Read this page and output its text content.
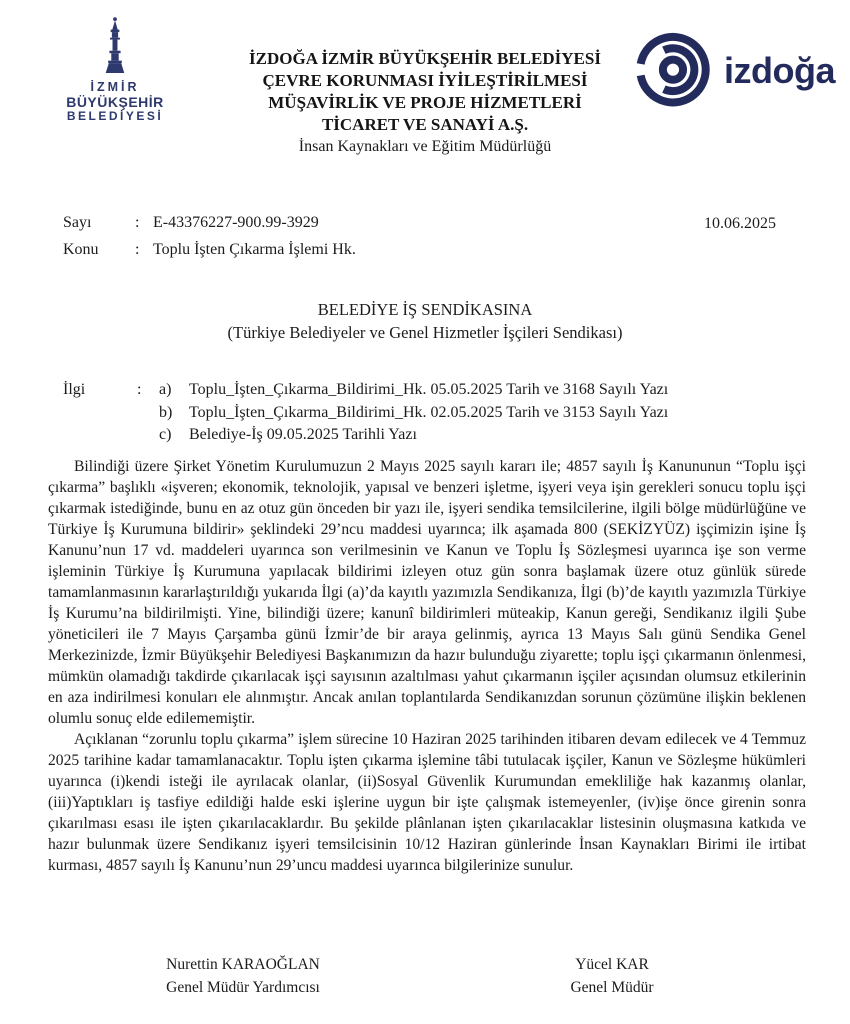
İZMİR
BÜYÜKŞEHİR
BELEDİYESİ
İZDOĞA İZMİR BÜYÜKŞEHİR BELEDİYESİ
ÇEVRE KORUNMASI İYİLEŞTİRİLMESİ
MÜŞAVİRLİK VE PROJE HİZMETLERİ
TİCARET VE SANAYİ A.Ş.
İnsan Kaynakları ve Eğitim Müdürlüğü
izdoğa
Sayı	: E-43376227-900.99-3929
Konu	: Toplu İşten Çıkarma İşlemi Hk.
10.06.2025
BELEDİYE İŞ SENDİKASINA
(Türkiye Belediyeler ve Genel Hizmetler İşçileri Sendikası)
İlgi	:	a)	Toplu_İşten_Çıkarma_Bildirimi_Hk. 05.05.2025 Tarih ve 3168 Sayılı Yazı
b)	Toplu_İşten_Çıkarma_Bildirimi_Hk. 02.05.2025 Tarih ve 3153 Sayılı Yazı
c)	Belediye-İş 09.05.2025 Tarihli Yazı

Bilindiği üzere Şirket Yönetim Kurulumuzun 2 Mayıs 2025 sayılı kararı ile; 4857 sayılı İş Kanununun “Toplu işçi çıkarma” başlıklı «işveren; ekonomik, teknolojik, yapısal ve benzeri işletme, işyeri veya işin gerekleri sonucu toplu işçi çıkarmak istediğinde, bunu en az otuz gün önceden bir yazı ile, işyeri sendika temsilcilerine, ilgili bölge müdürlüğüne ve Türkiye İş Kurumuna bildirir» şeklindeki 29’ncu maddesi uyarınca; ilk aşamada 800 (SEKİZYÜZ) işçimizin işine İş Kanunu’nun 17 vd. maddeleri uyarınca son verilmesinin ve Kanun ve Toplu İş Sözleşmesi uyarınca işe son verme işleminin Türkiye İş Kurumuna yapılacak bildirimi izleyen otuz gün sonra başlamak üzere otuz günlük sürede tamamlanmasının kararlaştırıldığı yukarıda İlgi (a)’da kayıtlı yazımızla Sendikanıza, İlgi (b)’de kayıtlı yazımızla Türkiye İş Kurumu’na bildirilmişti. Yine, bilindiği üzere; kanunî bildirimleri müteakip, Kanun gereği, Sendikanız ilgili Şube yöneticileri ile 7 Mayıs Çarşamba günü İzmir’de bir araya gelinmiş, ayrıca 13 Mayıs Salı günü Sendika Genel Merkezinizde, İzmir Büyükşehir Belediyesi Başkanımızın da hazır bulunduğu ziyarette; toplu işçi çıkarmanın önlenmesi, mümkün olamadığı takdirde çıkarılacak işçi sayısının azaltılması yahut çıkarmanın işçiler açısından olumsuz etkilerinin en aza indirilmesi konuları ele alınmıştır. Ancak anılan toplantılarda Sendikanızdan sorunun çözümüne ilişkin beklenen olumlu sonuç elde edilememiştir.

Açıklanan “zorunlu toplu çıkarma” işlem sürecine 10 Haziran 2025 tarihinden itibaren devam edilecek ve 4 Temmuz 2025 tarihine kadar tamamlanacaktır. Toplu işten çıkarma işlemine tâbi tutulacak işçiler, Kanun ve Sözleşme hükümleri uyarınca (i)kendi isteği ile ayrılacak olanlar, (ii)Sosyal Güvenlik Kurumundan emekliliğe hak kazanmış olanlar, (iii)Yaptıkları iş tasfiye edildiği halde eski işlerine uygun bir işte çalışmak istemeyenler, (iv)işe önce girenin sonra çıkarılması esası ile işten çıkarılacaklardır. Bu şekilde plânlanan işten çıkarılacaklar listesinin oluşmasına katkıda ve hazır bulunmak üzere Sendikanız işyeri temsilcisinin 10/12 Haziran günlerinde İnsan Kaynakları Birimi ile irtibat kurması, 4857 sayılı İş Kanunu’nun 29’uncu maddesi uyarınca bilgilerinize sunulur.

Nurettin KARAOĞLAN
Genel Müdür Yardımcısı
Yücel KAR
Genel Müdür
